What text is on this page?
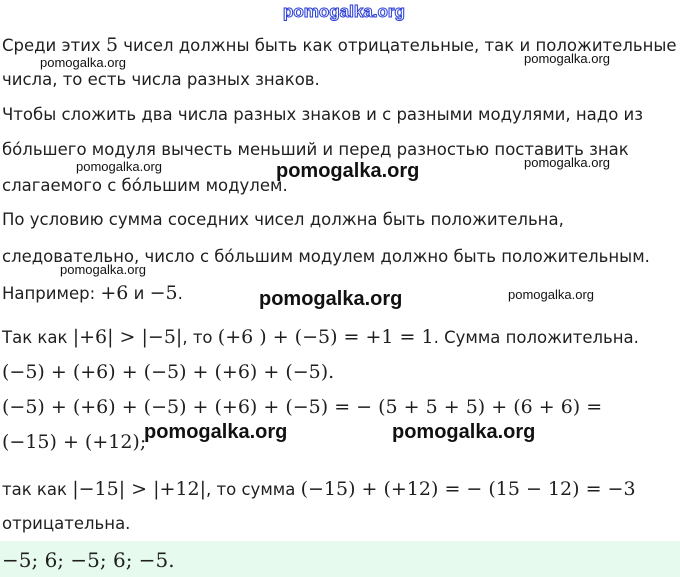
pomogalka.org
pomogalka.org	pomogalka.org
pomogalka.org	pomogalka.org
pomogalka.org
pomogalka.org
pomogalka.org	pomogalka.org
pomogalka.org	pomogalka.org
Среди этих 5 чисел должны быть как отрицательные, так и положительные
числа, то есть числа разных знаков.
Чтобы сложить два числа разных знаков и с разными модулями, надо из
бо́льшего модуля вычесть меньший и перед разностью поставить знак
слагаемого с бо́льшим модулем.
По условию сумма соседних чисел должна быть положительна,
следовательно, число с бо́льшим модулем должно быть положительным.
Например: +6 и −5.
Так как |+6| > |−5|, то (+6 ) + (−5) = +1 = 1. Сумма положительна.
(−5) + (+6) + (−5) + (+6) + (−5).
(−5) + (+6) + (−5) + (+6) + (−5) = − (5 + 5 + 5) + (6 + 6) =
(−15) + (+12);
так как |−15| > |+12|, то сумма (−15) + (+12) = − (15 − 12) = −3
отрицательна.
−5; 6; −5; 6; −5.
